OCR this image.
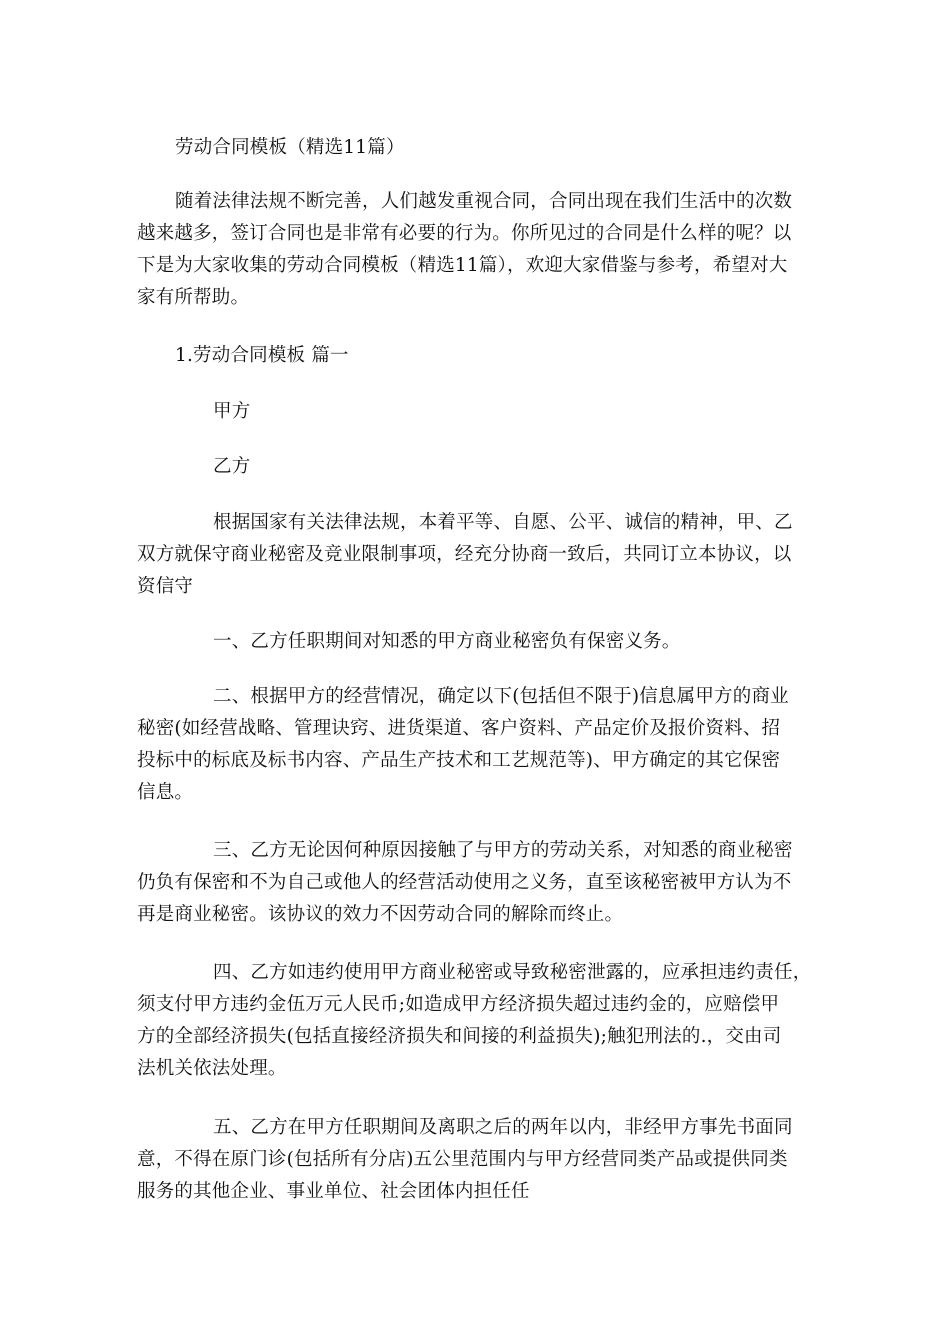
劳动合同模板（精选11篇）
随着法律法规不断完善，人们越发重视合同，合同出现在我们生活中的次数
越来越多，签订合同也是非常有必要的行为。你所见过的合同是什么样的呢？以
下是为大家收集的劳动合同模板（精选11篇），欢迎大家借鉴与参考，希望对大
家有所帮助。
1.劳动合同模板 篇一
甲方
乙方
根据国家有关法律法规，本着平等、自愿、公平、诚信的精神，甲、乙
双方就保守商业秘密及竞业限制事项，经充分协商一致后，共同订立本协议，以
资信守
一、乙方任职期间对知悉的甲方商业秘密负有保密义务。
二、根据甲方的经营情况，确定以下(包括但不限于)信息属甲方的商业
秘密(如经营战略、管理诀窍、进货渠道、客户资料、产品定价及报价资料、招
投标中的标底及标书内容、产品生产技术和工艺规范等)、甲方确定的其它保密
信息。
三、乙方无论因何种原因接触了与甲方的劳动关系，对知悉的商业秘密
仍负有保密和不为自己或他人的经营活动使用之义务，直至该秘密被甲方认为不
再是商业秘密。该协议的效力不因劳动合同的解除而终止。
四、乙方如违约使用甲方商业秘密或导致秘密泄露的，应承担违约责任，
须支付甲方违约金伍万元人民币;如造成甲方经济损失超过违约金的，应赔偿甲
方的全部经济损失(包括直接经济损失和间接的利益损失);触犯刑法的.，交由司
法机关依法处理。
五、乙方在甲方任职期间及离职之后的两年以内，非经甲方事先书面同
意，不得在原门诊(包括所有分店)五公里范围内与甲方经营同类产品或提供同类
服务的其他企业、事业单位、社会团体内担任任
